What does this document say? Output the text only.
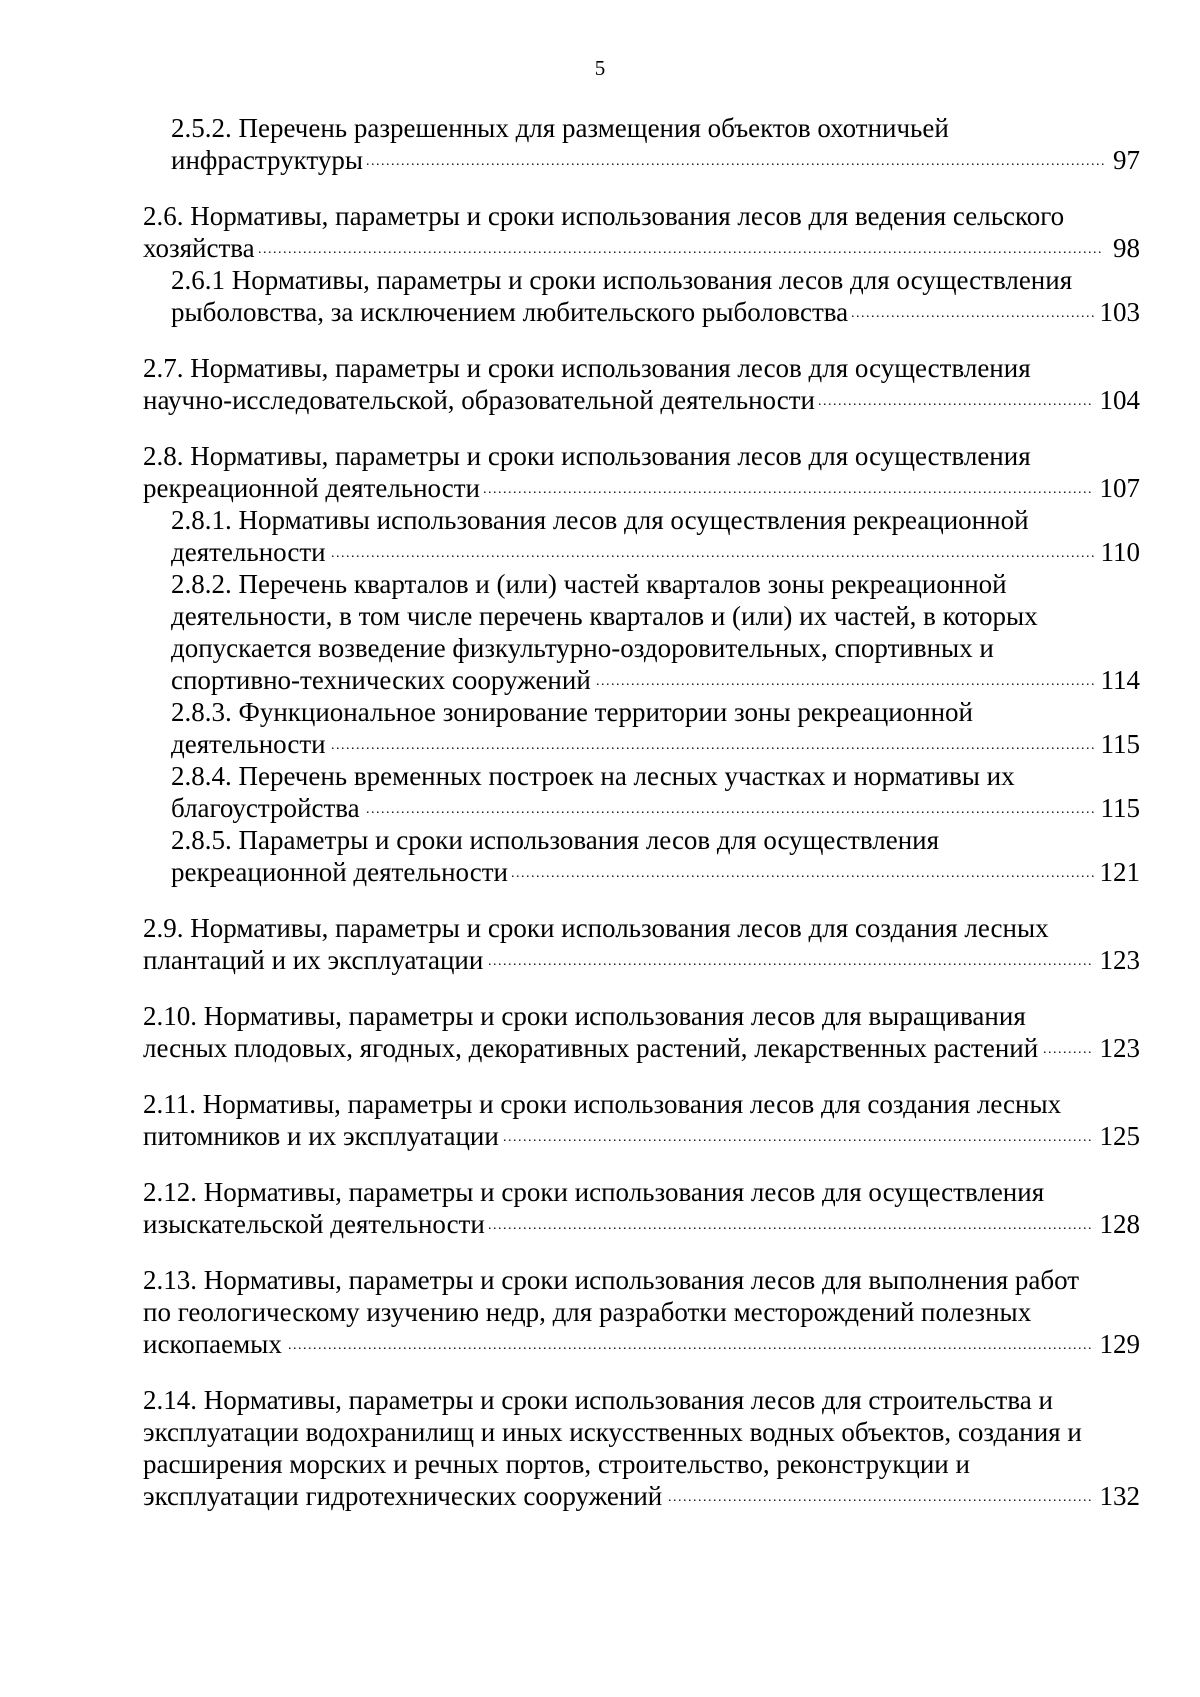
5
2.5.2. Перечень разрешенных для размещения объектов охотничьей инфраструктуры . . .	97
2.6. Нормативы, параметры и сроки использования лесов для ведения сельского хозяйства . . .	98
2.6.1 Нормативы, параметры и сроки использования лесов для осуществления рыболовства, за исключением любительского рыболовства . . .	103
2.7. Нормативы, параметры и сроки использования лесов для осуществления научно-исследовательской, образовательной деятельности . . .	104
2.8. Нормативы, параметры и сроки использования лесов для осуществления рекреационной деятельности . . .	107
2.8.1. Нормативы использования лесов для осуществления рекреационной деятельности . . .	110
2.8.2. Перечень кварталов и (или) частей кварталов зоны рекреационной деятельности, в том числе перечень кварталов и (или) их частей, в которых допускается возведение физкультурно-оздоровительных, спортивных и спортивно-технических сооружений . . .	114
2.8.3. Функциональное зонирование территории зоны рекреационной деятельности . . .	115
2.8.4. Перечень временных построек на лесных участках и нормативы их благоустройства . . .	115
2.8.5. Параметры и сроки использования лесов для осуществления рекреационной деятельности . . .	121
2.9. Нормативы, параметры и сроки использования лесов для создания лесных плантаций и их эксплуатации . . .	123
2.10. Нормативы, параметры и сроки использования лесов для выращивания лесных плодовых, ягодных, декоративных растений, лекарственных растений . . .	123
2.11. Нормативы, параметры и сроки использования лесов для создания лесных питомников и их эксплуатации . . .	125
2.12. Нормативы, параметры и сроки использования лесов для осуществления изыскательской деятельности . . .	128
2.13. Нормативы, параметры и сроки использования лесов для выполнения работ по геологическому изучению недр, для разработки месторождений полезных ископаемых . . .	129
2.14. Нормативы, параметры и сроки использования лесов для строительства и эксплуатации водохранилищ и иных искусственных водных объектов, создания и расширения морских и речных портов, строительство, реконструкции и эксплуатации гидротехнических сооружений . . .	132
